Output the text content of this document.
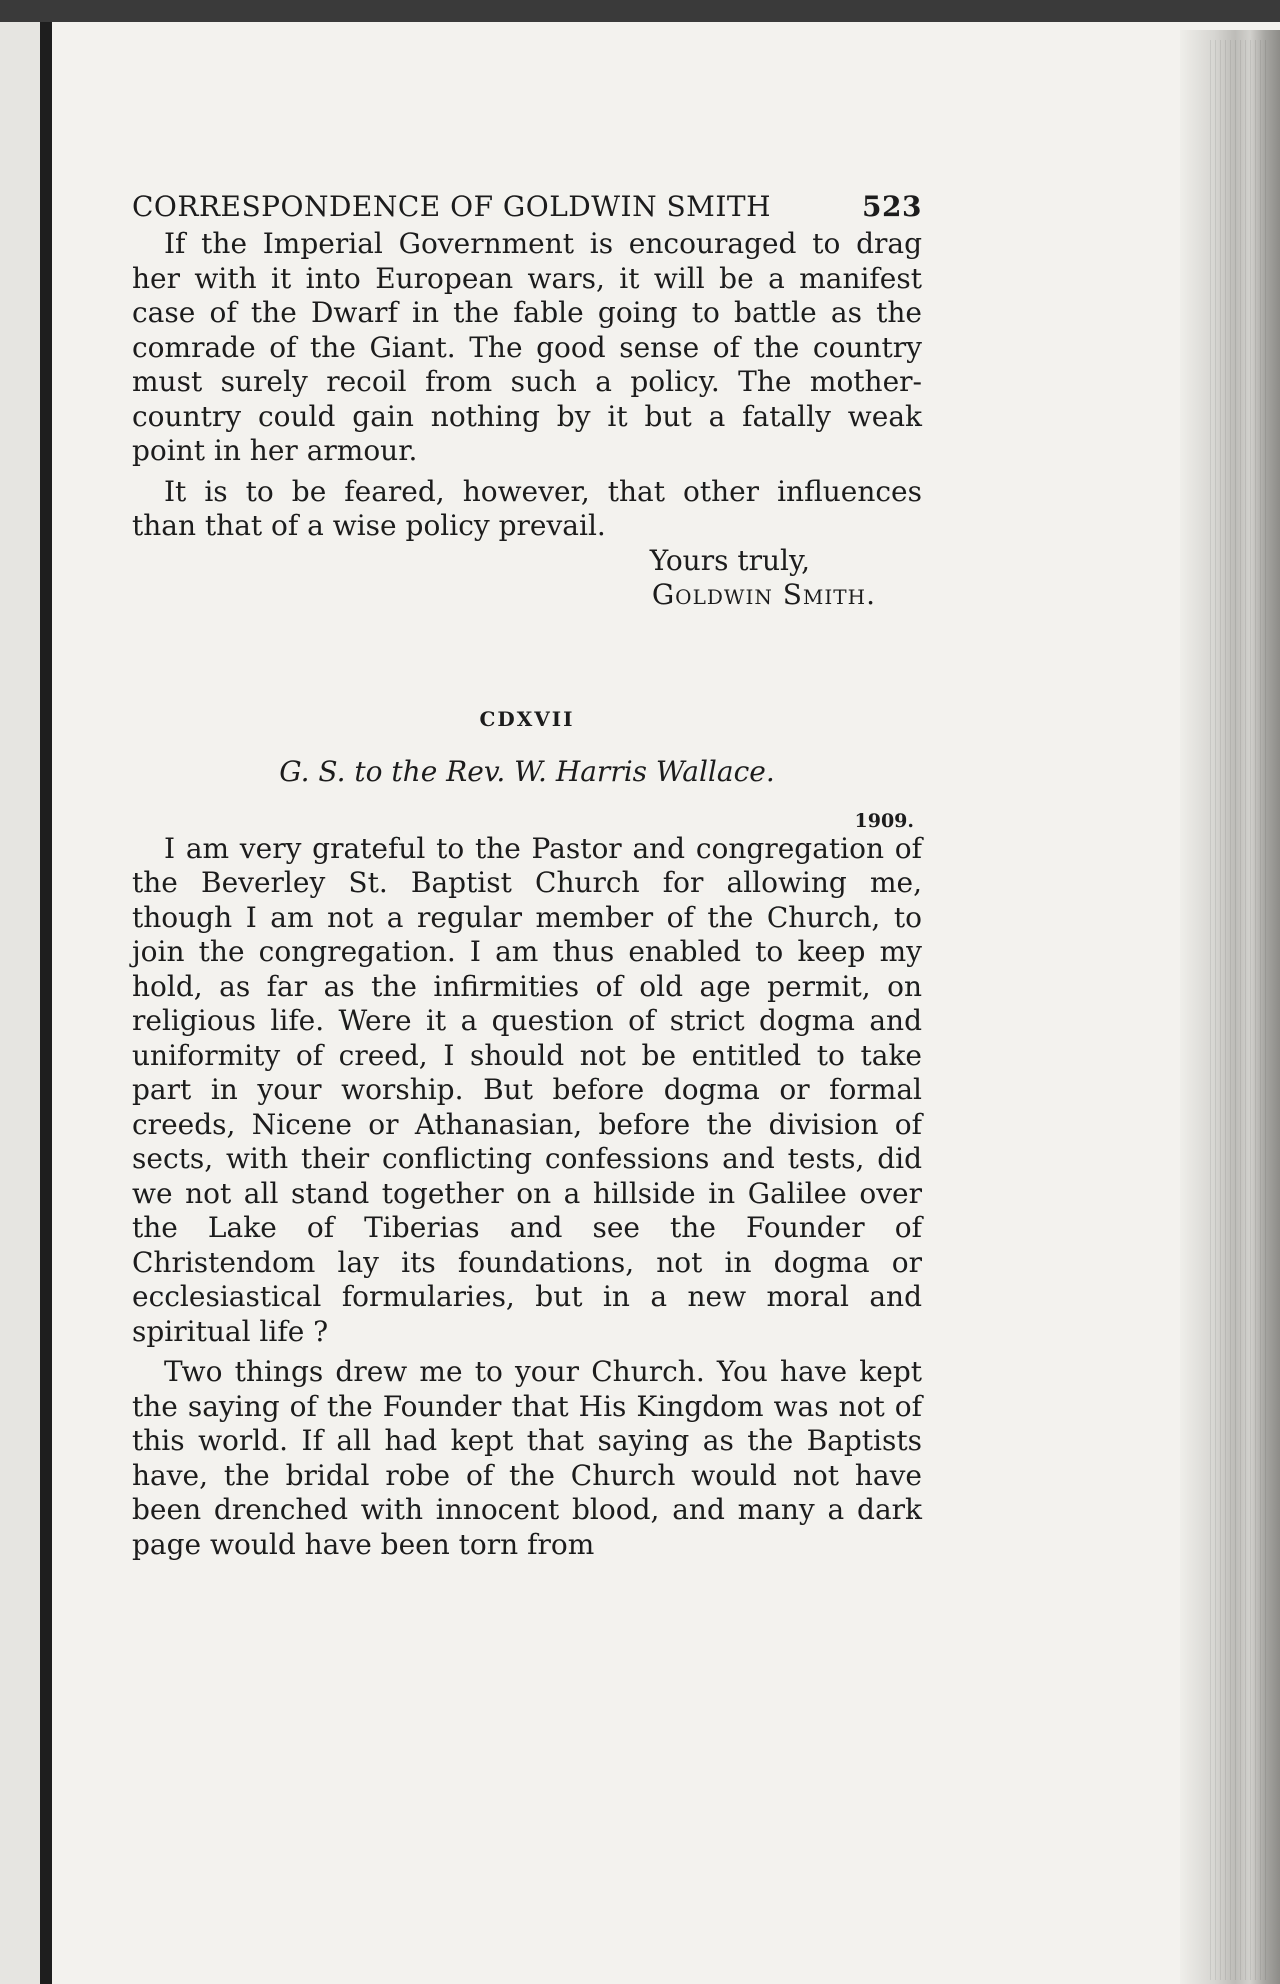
CORRESPONDENCE OF GOLDWIN SMITH	523

If the Imperial Government is encouraged to drag her with it into European wars, it will be a manifest case of the Dwarf in the fable going to battle as the comrade of the Giant. The good sense of the country must surely recoil from such a policy. The mother-country could gain nothing by it but a fatally weak point in her armour.

It is to be feared, however, that other influences than that of a wise policy prevail.

Yours truly,
Goldwin Smith.
CDXVII
G. S. to the Rev. W. Harris Wallace.
1909.

I am very grateful to the Pastor and congregation of the Beverley St. Baptist Church for allowing me, though I am not a regular member of the Church, to join the congregation. I am thus enabled to keep my hold, as far as the infirmities of old age permit, on religious life. Were it a question of strict dogma and uniformity of creed, I should not be entitled to take part in your worship. But before dogma or formal creeds, Nicene or Athanasian, before the division of sects, with their conflicting confessions and tests, did we not all stand together on a hillside in Galilee over the Lake of Tiberias and see the Founder of Christendom lay its foundations, not in dogma or ecclesiastical formularies, but in a new moral and spiritual life ?

Two things drew me to your Church. You have kept the saying of the Founder that His Kingdom was not of this world. If all had kept that saying as the Baptists have, the bridal robe of the Church would not have been drenched with innocent blood, and many a dark page would have been torn from
